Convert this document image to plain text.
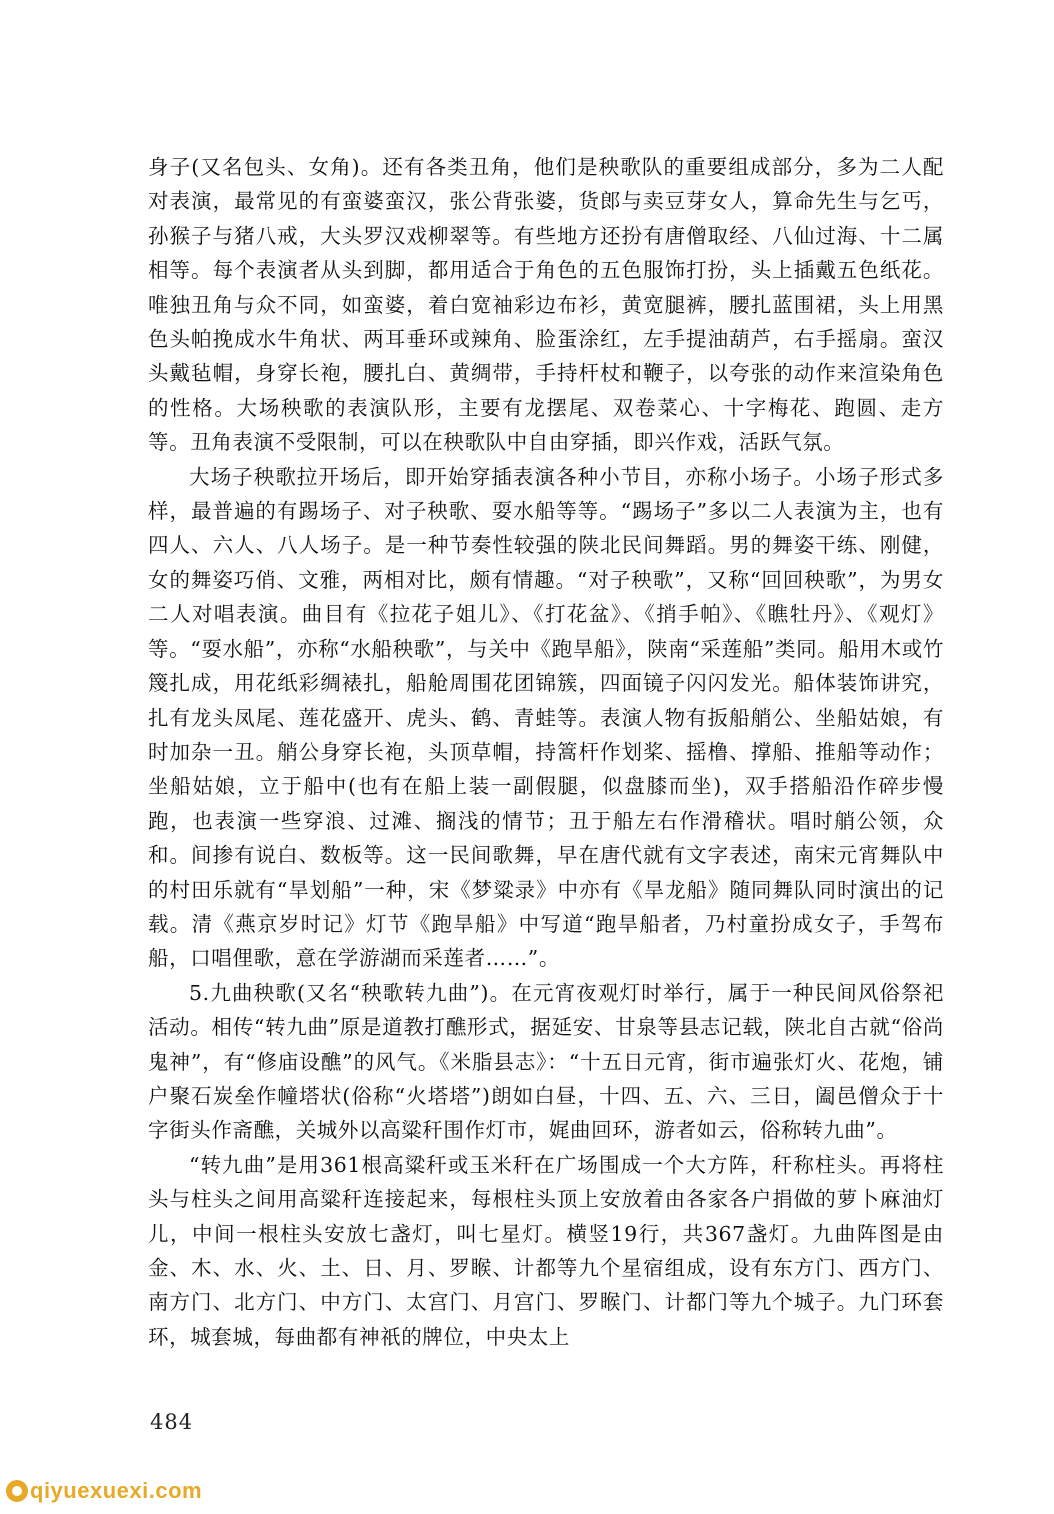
身子(又名包头、女角)。还有各类丑角，他们是秧歌队的重要组成部分，多为二人配对表演，最常见的有蛮婆蛮汉，张公背张婆，货郎与卖豆芽女人，算命先生与乞丐，孙猴子与猪八戒，大头罗汉戏柳翠等。有些地方还扮有唐僧取经、八仙过海、十二属相等。每个表演者从头到脚，都用适合于角色的五色服饰打扮，头上插戴五色纸花。唯独丑角与众不同，如蛮婆，着白宽袖彩边布衫，黄宽腿裤，腰扎蓝围裙，头上用黑色头帕挽成水牛角状、两耳垂环或辣角、脸蛋涂红，左手提油葫芦，右手摇扇。蛮汉头戴毡帽，身穿长袍，腰扎白、黄绸带，手持杆杖和鞭子，以夸张的动作来渲染角色的性格。大场秧歌的表演队形，主要有龙摆尾、双卷菜心、十字梅花、跑圆、走方等。丑角表演不受限制，可以在秧歌队中自由穿插，即兴作戏，活跃气氛。

大场子秧歌拉开场后，即开始穿插表演各种小节目，亦称小场子。小场子形式多样，最普遍的有踢场子、对子秧歌、耍水船等等。“踢场子”多以二人表演为主，也有四人、六人、八人场子。是一种节奏性较强的陕北民间舞蹈。男的舞姿干练、刚健，女的舞姿巧俏、文雅，两相对比，颇有情趣。“对子秧歌”，又称“回回秧歌”，为男女二人对唱表演。曲目有《拉花子姐儿》、《打花盆》、《捎手帕》、《瞧牡丹》、《观灯》等。“耍水船”，亦称“水船秧歌”，与关中《跑旱船》，陕南“采莲船”类同。船用木或竹篾扎成，用花纸彩绸裱扎，船舱周围花团锦簇，四面镜子闪闪发光。船体装饰讲究，扎有龙头凤尾、莲花盛开、虎头、鹤、青蛙等。表演人物有扳船艄公、坐船姑娘，有时加杂一丑。艄公身穿长袍，头顶草帽，持篙杆作划桨、摇橹、撑船、推船等动作；坐船姑娘，立于船中(也有在船上装一副假腿，似盘膝而坐)，双手搭船沿作碎步慢跑，也表演一些穿浪、过滩、搁浅的情节；丑于船左右作滑稽状。唱时艄公领，众和。间掺有说白、数板等。这一民间歌舞，早在唐代就有文字表述，南宋元宵舞队中的村田乐就有“旱划船”一种，宋《梦粱录》中亦有《旱龙船》随同舞队同时演出的记载。清《燕京岁时记》灯节《跑旱船》中写道“跑旱船者，乃村童扮成女子，手驾布船，口唱俚歌，意在学游湖而采莲者……”。

5.九曲秧歌(又名“秧歌转九曲”)。在元宵夜观灯时举行，属于一种民间风俗祭祀活动。相传“转九曲”原是道教打醮形式，据延安、甘泉等县志记载，陕北自古就“俗尚鬼神”，有“修庙设醮”的风气。《米脂县志》：“十五日元宵，街市遍张灯火、花炮，铺户聚石炭垒作幢塔状(俗称“火塔塔”)朗如白昼，十四、五、六、三日，阖邑僧众于十字街头作斋醮，关城外以高粱秆围作灯市，娓曲回环，游者如云，俗称转九曲”。

“转九曲”是用361根高粱秆或玉米秆在广场围成一个大方阵，秆称柱头。再将柱头与柱头之间用高粱秆连接起来，每根柱头顶上安放着由各家各户捐做的萝卜麻油灯儿，中间一根柱头安放七盏灯，叫七星灯。横竖19行，共367盏灯。九曲阵图是由金、木、水、火、土、日、月、罗睺、计都等九个星宿组成，设有东方门、西方门、南方门、北方门、中方门、太宫门、月宫门、罗睺门、计都门等九个城子。九门环套环，城套城，每曲都有神祇的牌位，中央太上

484
qiyuexuexi.com
